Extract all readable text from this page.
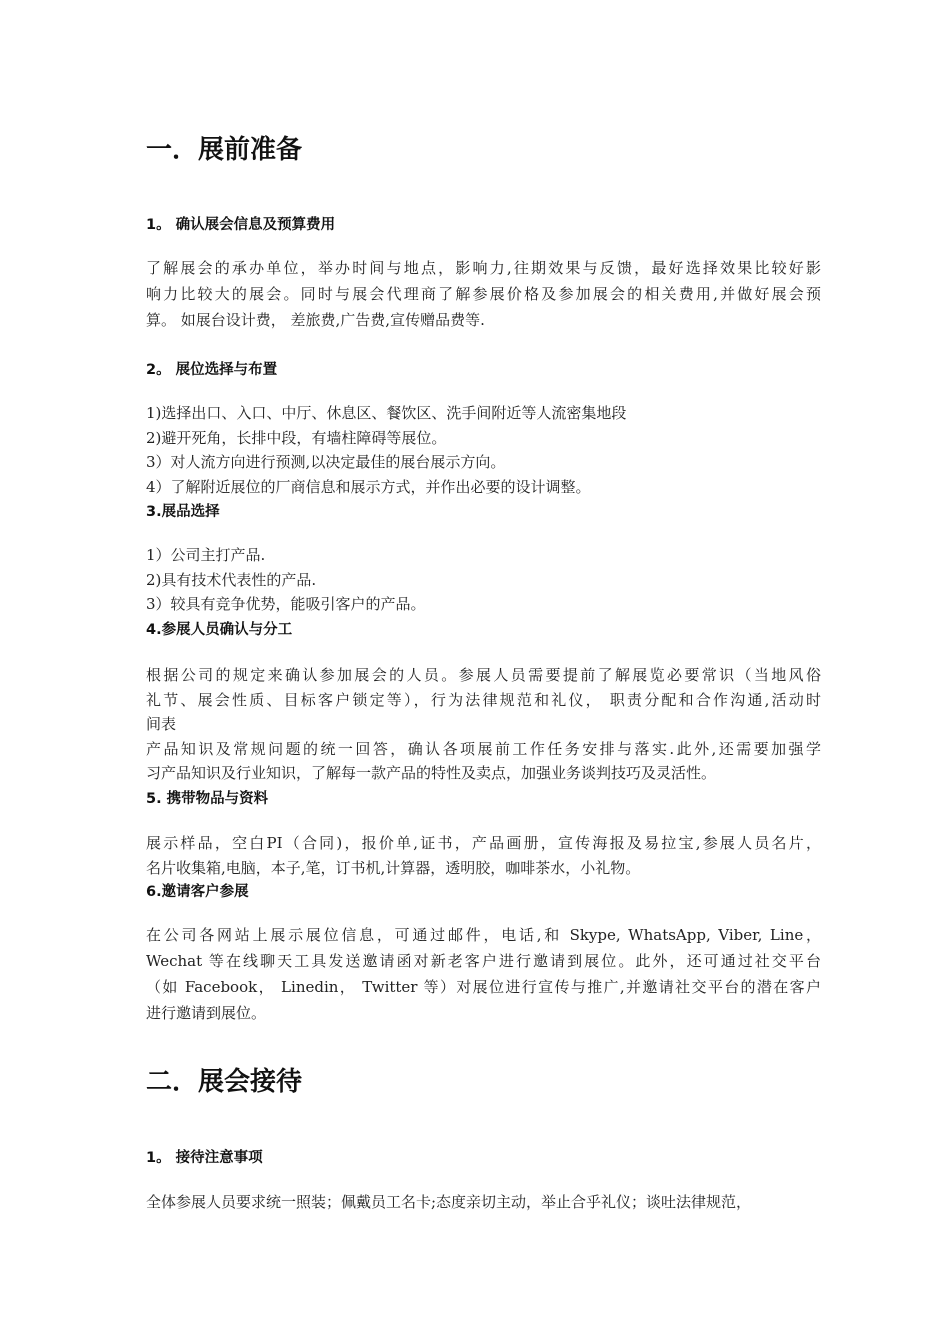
一．展前准备
1。 确认展会信息及预算费用
了解展会的承办单位，举办时间与地点，影响力,往期效果与反馈，最好选择效果比较好影
响力比较大的展会。同时与展会代理商了解参展价格及参加展会的相关费用,并做好展会预
算。 如展台设计费， 差旅费,广告费,宣传赠品费等.
2。 展位选择与布置
1)选择出口、入口、中厅、休息区、餐饮区、洗手间附近等人流密集地段
2)避开死角，长排中段，有墙柱障碍等展位。
3）对人流方向进行预测,以决定最佳的展台展示方向。
4）了解附近展位的厂商信息和展示方式，并作出必要的设计调整。
3.展品选择
1）公司主打产品.
2)具有技术代表性的产品.
3）较具有竞争优势，能吸引客户的产品。
4.参展人员确认与分工
根据公司的规定来确认参加展会的人员。参展人员需要提前了解展览必要常识（当地风俗
礼节、展会性质、目标客户锁定等），行为法律规范和礼仪， 职责分配和合作沟通,活动时
间表
产品知识及常规问题的统一回答，确认各项展前工作任务安排与落实.此外,还需要加强学
习产品知识及行业知识，了解每一款产品的特性及卖点，加强业务谈判技巧及灵活性。
5. 携带物品与资料
展示样品，空白PI（合同)，报价单,证书，产品画册，宣传海报及易拉宝,参展人员名片，
名片收集箱,电脑，本子,笔，订书机,计算器，透明胶，咖啡茶水，小礼物。
6.邀请客户参展
在公司各网站上展示展位信息，可通过邮件，电话,和 Skype, WhatsApp, Viber, Line，
Wechat 等在线聊天工具发送邀请函对新老客户进行邀请到展位。此外，还可通过社交平台
（如 Facebook， Linedin， Twitter 等）对展位进行宣传与推广,并邀请社交平台的潜在客户
进行邀请到展位。
二．展会接待
1。 接待注意事项
全体参展人员要求统一照装；佩戴员工名卡;态度亲切主动，举止合乎礼仪；谈吐法律规范，
